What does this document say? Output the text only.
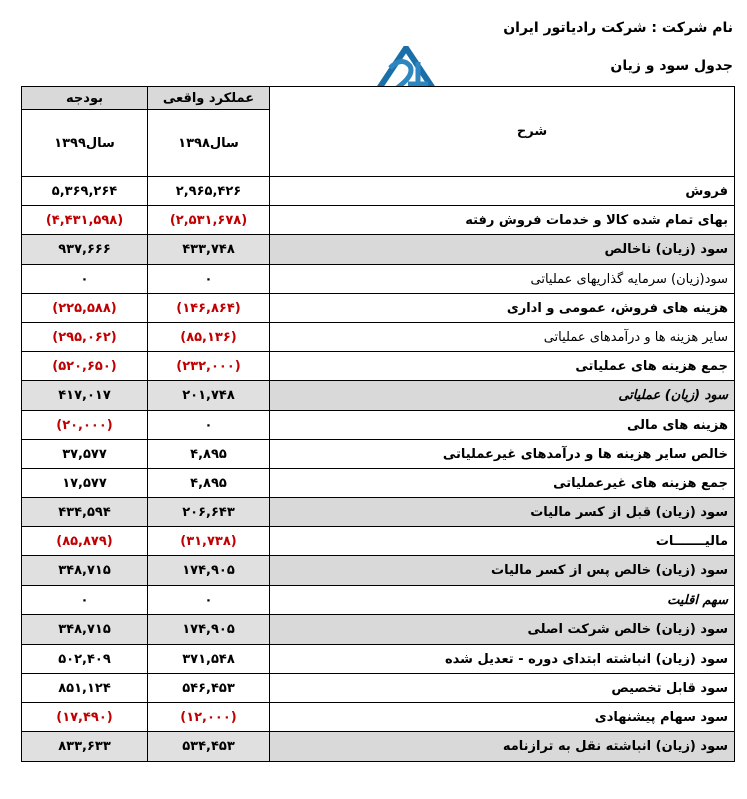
نام شرکت : شرکت رادیاتور ایران
جدول سود و زیان
بودجه	عملکرد واقعی	شرح
سال۱۳۹۹	سال۱۳۹۸	
۵,۳۶۹,۲۶۴	۲,۹۶۵,۴۲۶	فروش
(۴,۴۳۱,۵۹۸)	(۲,۵۳۱,۶۷۸)	بهای تمام شده کالا و خدمات فروش رفته
۹۳۷,۶۶۶	۴۳۳,۷۴۸	سود (زیان) ناخالص
۰	۰	سود(زیان) سرمایه گذاریهای عملیاتی
(۲۲۵,۵۸۸)	(۱۴۶,۸۶۴)	هزینه های فروش، عمومی و اداری
(۲۹۵,۰۶۲)	(۸۵,۱۳۶)	سایر هزینه ها و درآمدهای عملیاتی
(۵۲۰,۶۵۰)	(۲۳۲,۰۰۰)	جمع هزینه های عملیاتی
۴۱۷,۰۱۷	۲۰۱,۷۴۸	سود (زیان) عملیاتی
(۲۰,۰۰۰)	۰	هزینه های مالی
۳۷,۵۷۷	۴,۸۹۵	خالص سایر هزینه ها و درآمدهای غیرعملیاتی
۱۷,۵۷۷	۴,۸۹۵	جمع هزینه های غیرعملیاتی
۴۳۴,۵۹۴	۲۰۶,۶۴۳	سود (زیان) قبل از کسر مالیات
(۸۵,۸۷۹)	(۳۱,۷۳۸)	مالیـــــــات
۳۴۸,۷۱۵	۱۷۴,۹۰۵	سود (زیان) خالص پس از کسر مالیات
۰	۰	سهم اقلیت
۳۴۸,۷۱۵	۱۷۴,۹۰۵	سود (زیان) خالص شرکت اصلی
۵۰۲,۴۰۹	۳۷۱,۵۴۸	سود (زیان) انباشته ابتدای دوره - تعدیل شده
۸۵۱,۱۲۴	۵۴۶,۴۵۳	سود قابل تخصیص
(۱۷,۴۹۰)	(۱۲,۰۰۰)	سود سهام پیشنهادی
۸۳۳,۶۳۳	۵۳۴,۴۵۳	سود (زیان) انباشته نقل به ترازنامه
